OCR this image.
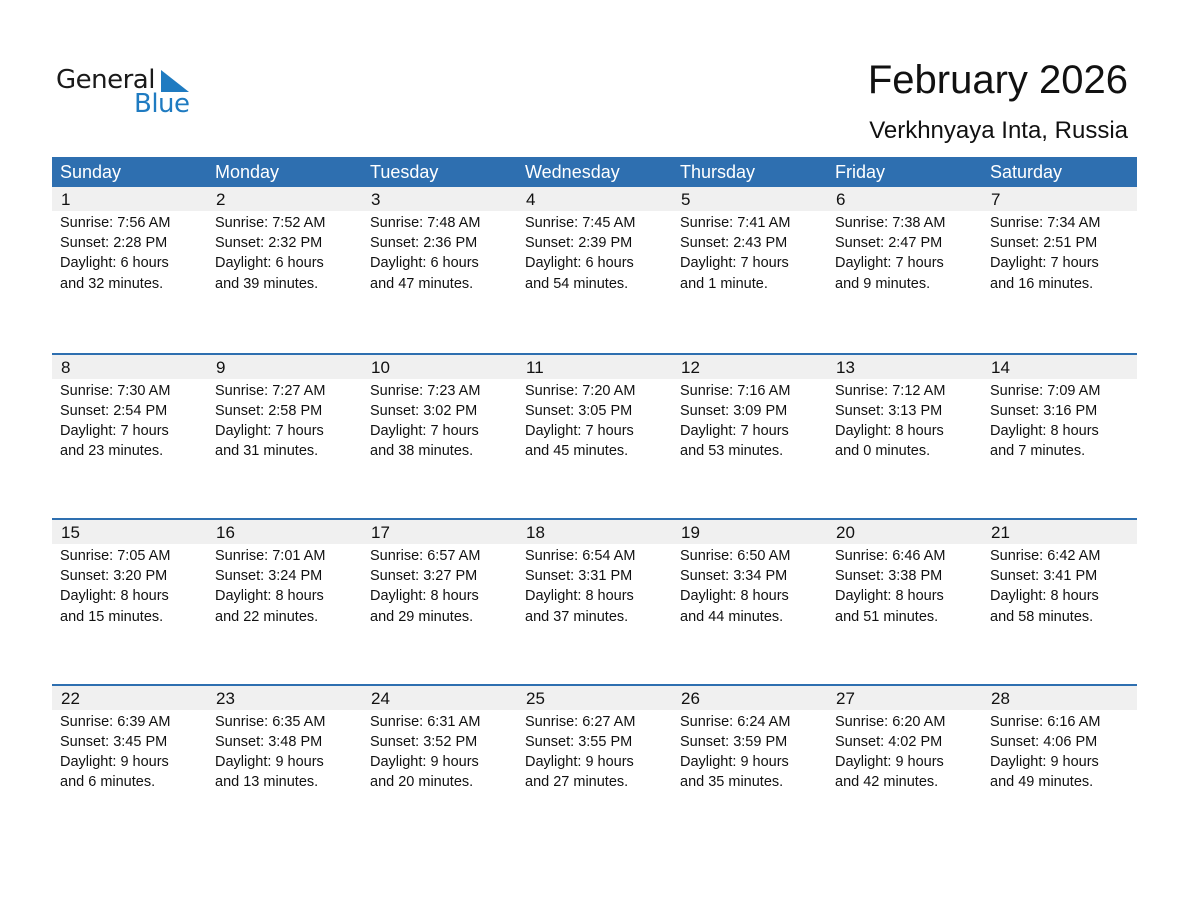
General
Blue
February 2026
Verkhnyaya Inta, Russia
Sunday	Monday	Tuesday	Wednesday	Thursday	Friday	Saturday
1	2	3	4	5	6	7
Sunrise: 7:56 AM
Sunset: 2:28 PM
Daylight: 6 hours
and 32 minutes.
Sunrise: 7:52 AM
Sunset: 2:32 PM
Daylight: 6 hours
and 39 minutes.
Sunrise: 7:48 AM
Sunset: 2:36 PM
Daylight: 6 hours
and 47 minutes.
Sunrise: 7:45 AM
Sunset: 2:39 PM
Daylight: 6 hours
and 54 minutes.
Sunrise: 7:41 AM
Sunset: 2:43 PM
Daylight: 7 hours
and 1 minute.
Sunrise: 7:38 AM
Sunset: 2:47 PM
Daylight: 7 hours
and 9 minutes.
Sunrise: 7:34 AM
Sunset: 2:51 PM
Daylight: 7 hours
and 16 minutes.
8	9	10	11	12	13	14
Sunrise: 7:30 AM
Sunset: 2:54 PM
Daylight: 7 hours
and 23 minutes.
Sunrise: 7:27 AM
Sunset: 2:58 PM
Daylight: 7 hours
and 31 minutes.
Sunrise: 7:23 AM
Sunset: 3:02 PM
Daylight: 7 hours
and 38 minutes.
Sunrise: 7:20 AM
Sunset: 3:05 PM
Daylight: 7 hours
and 45 minutes.
Sunrise: 7:16 AM
Sunset: 3:09 PM
Daylight: 7 hours
and 53 minutes.
Sunrise: 7:12 AM
Sunset: 3:13 PM
Daylight: 8 hours
and 0 minutes.
Sunrise: 7:09 AM
Sunset: 3:16 PM
Daylight: 8 hours
and 7 minutes.
15	16	17	18	19	20	21
Sunrise: 7:05 AM
Sunset: 3:20 PM
Daylight: 8 hours
and 15 minutes.
Sunrise: 7:01 AM
Sunset: 3:24 PM
Daylight: 8 hours
and 22 minutes.
Sunrise: 6:57 AM
Sunset: 3:27 PM
Daylight: 8 hours
and 29 minutes.
Sunrise: 6:54 AM
Sunset: 3:31 PM
Daylight: 8 hours
and 37 minutes.
Sunrise: 6:50 AM
Sunset: 3:34 PM
Daylight: 8 hours
and 44 minutes.
Sunrise: 6:46 AM
Sunset: 3:38 PM
Daylight: 8 hours
and 51 minutes.
Sunrise: 6:42 AM
Sunset: 3:41 PM
Daylight: 8 hours
and 58 minutes.
22	23	24	25	26	27	28
Sunrise: 6:39 AM
Sunset: 3:45 PM
Daylight: 9 hours
and 6 minutes.
Sunrise: 6:35 AM
Sunset: 3:48 PM
Daylight: 9 hours
and 13 minutes.
Sunrise: 6:31 AM
Sunset: 3:52 PM
Daylight: 9 hours
and 20 minutes.
Sunrise: 6:27 AM
Sunset: 3:55 PM
Daylight: 9 hours
and 27 minutes.
Sunrise: 6:24 AM
Sunset: 3:59 PM
Daylight: 9 hours
and 35 minutes.
Sunrise: 6:20 AM
Sunset: 4:02 PM
Daylight: 9 hours
and 42 minutes.
Sunrise: 6:16 AM
Sunset: 4:06 PM
Daylight: 9 hours
and 49 minutes.
